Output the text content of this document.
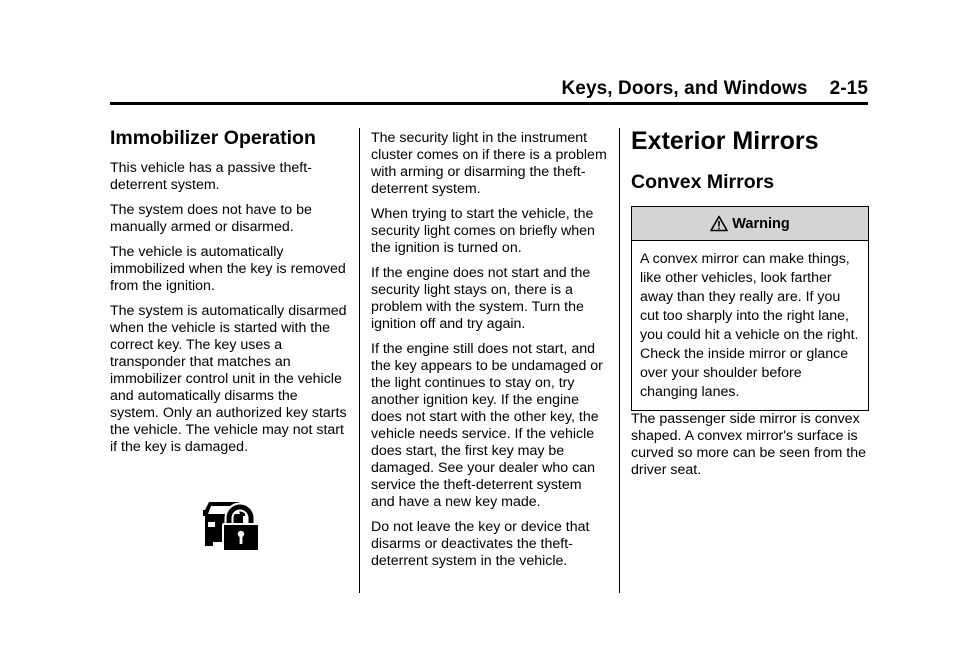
Keys, Doors, and Windows 2-15
Immobilizer Operation

This vehicle has a passive theft-deterrent system.

The system does not have to be manually armed or disarmed.

The vehicle is automatically immobilized when the key is removed from the ignition.

The system is automatically disarmed when the vehicle is started with the correct key. The key uses a transponder that matches an immobilizer control unit in the vehicle and automatically disarms the system. Only an authorized key starts the vehicle. The vehicle may not start if the key is damaged.

The security light in the instrument cluster comes on if there is a problem with arming or disarming the theft-deterrent system.

When trying to start the vehicle, the security light comes on briefly when the ignition is turned on.

If the engine does not start and the security light stays on, there is a problem with the system. Turn the ignition off and try again.

If the engine still does not start, and the key appears to be undamaged or the light continues to stay on, try another ignition key. If the engine does not start with the other key, the vehicle needs service. If the vehicle does start, the first key may be damaged. See your dealer who can service the theft-deterrent system and have a new key made.

Do not leave the key or device that disarms or deactivates the theft-deterrent system in the vehicle.

Exterior Mirrors
Convex Mirrors
Warning
A convex mirror can make things, like other vehicles, look farther away than they really are. If you cut too sharply into the right lane, you could hit a vehicle on the right. Check the inside mirror or glance over your shoulder before changing lanes.

The passenger side mirror is convex shaped. A convex mirror's surface is curved so more can be seen from the driver seat.
